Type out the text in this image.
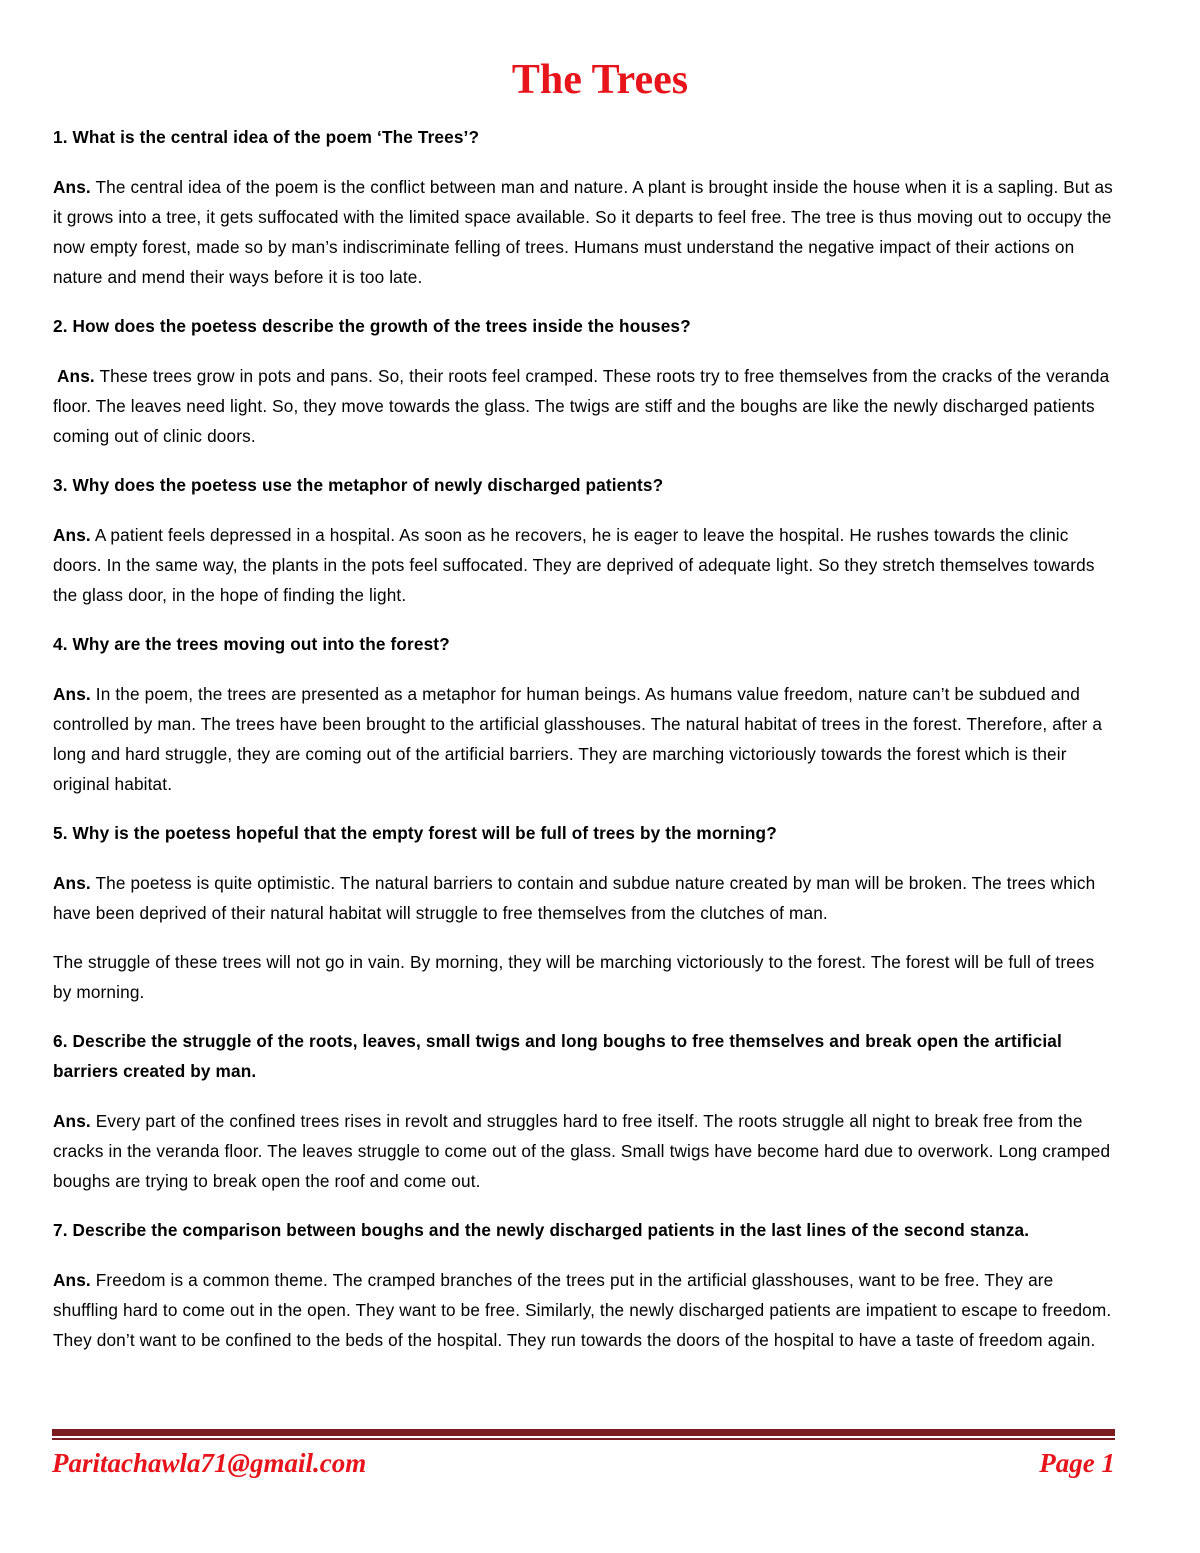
The Trees

1. What is the central idea of the poem ‘The Trees’?

Ans. The central idea of the poem is the conflict between man and nature. A plant is brought inside the house when it is a sapling. But as it grows into a tree, it gets suffocated with the limited space available. So it departs to feel free. The tree is thus moving out to occupy the now empty forest, made so by man’s indiscriminate felling of trees. Humans must understand the negative impact of their actions on nature and mend their ways before it is too late.

2. How does the poetess describe the growth of the trees inside the houses?

Ans. These trees grow in pots and pans. So, their roots feel cramped. These roots try to free themselves from the cracks of the veranda floor. The leaves need light. So, they move towards the glass. The twigs are stiff and the boughs are like the newly discharged patients coming out of clinic doors.

3. Why does the poetess use the metaphor of newly discharged patients?

Ans. A patient feels depressed in a hospital. As soon as he recovers, he is eager to leave the hospital. He rushes towards the clinic doors. In the same way, the plants in the pots feel suffocated. They are deprived of adequate light. So they stretch themselves towards the glass door, in the hope of finding the light.

4. Why are the trees moving out into the forest?

Ans. In the poem, the trees are presented as a metaphor for human beings. As humans value freedom, nature can’t be subdued and controlled by man. The trees have been brought to the artificial glasshouses. The natural habitat of trees in the forest. Therefore, after a long and hard struggle, they are coming out of the artificial barriers. They are marching victoriously towards the forest which is their original habitat.

5. Why is the poetess hopeful that the empty forest will be full of trees by the morning?

Ans. The poetess is quite optimistic. The natural barriers to contain and subdue nature created by man will be broken. The trees which have been deprived of their natural habitat will struggle to free themselves from the clutches of man.

The struggle of these trees will not go in vain. By morning, they will be marching victoriously to the forest. The forest will be full of trees by morning.

6. Describe the struggle of the roots, leaves, small twigs and long boughs to free themselves and break open the artificial barriers created by man.

Ans. Every part of the confined trees rises in revolt and struggles hard to free itself. The roots struggle all night to break free from the cracks in the veranda floor. The leaves struggle to come out of the glass. Small twigs have become hard due to overwork. Long cramped boughs are trying to break open the roof and come out.

7. Describe the comparison between boughs and the newly discharged patients in the last lines of the second stanza.

Ans. Freedom is a common theme. The cramped branches of the trees put in the artificial glasshouses, want to be free. They are shuffling hard to come out in the open. They want to be free. Similarly, the newly discharged patients are impatient to escape to freedom. They don’t want to be confined to the beds of the hospital. They run towards the doors of the hospital to have a taste of freedom again.

Paritachawla71@gmail.com	Page 1
